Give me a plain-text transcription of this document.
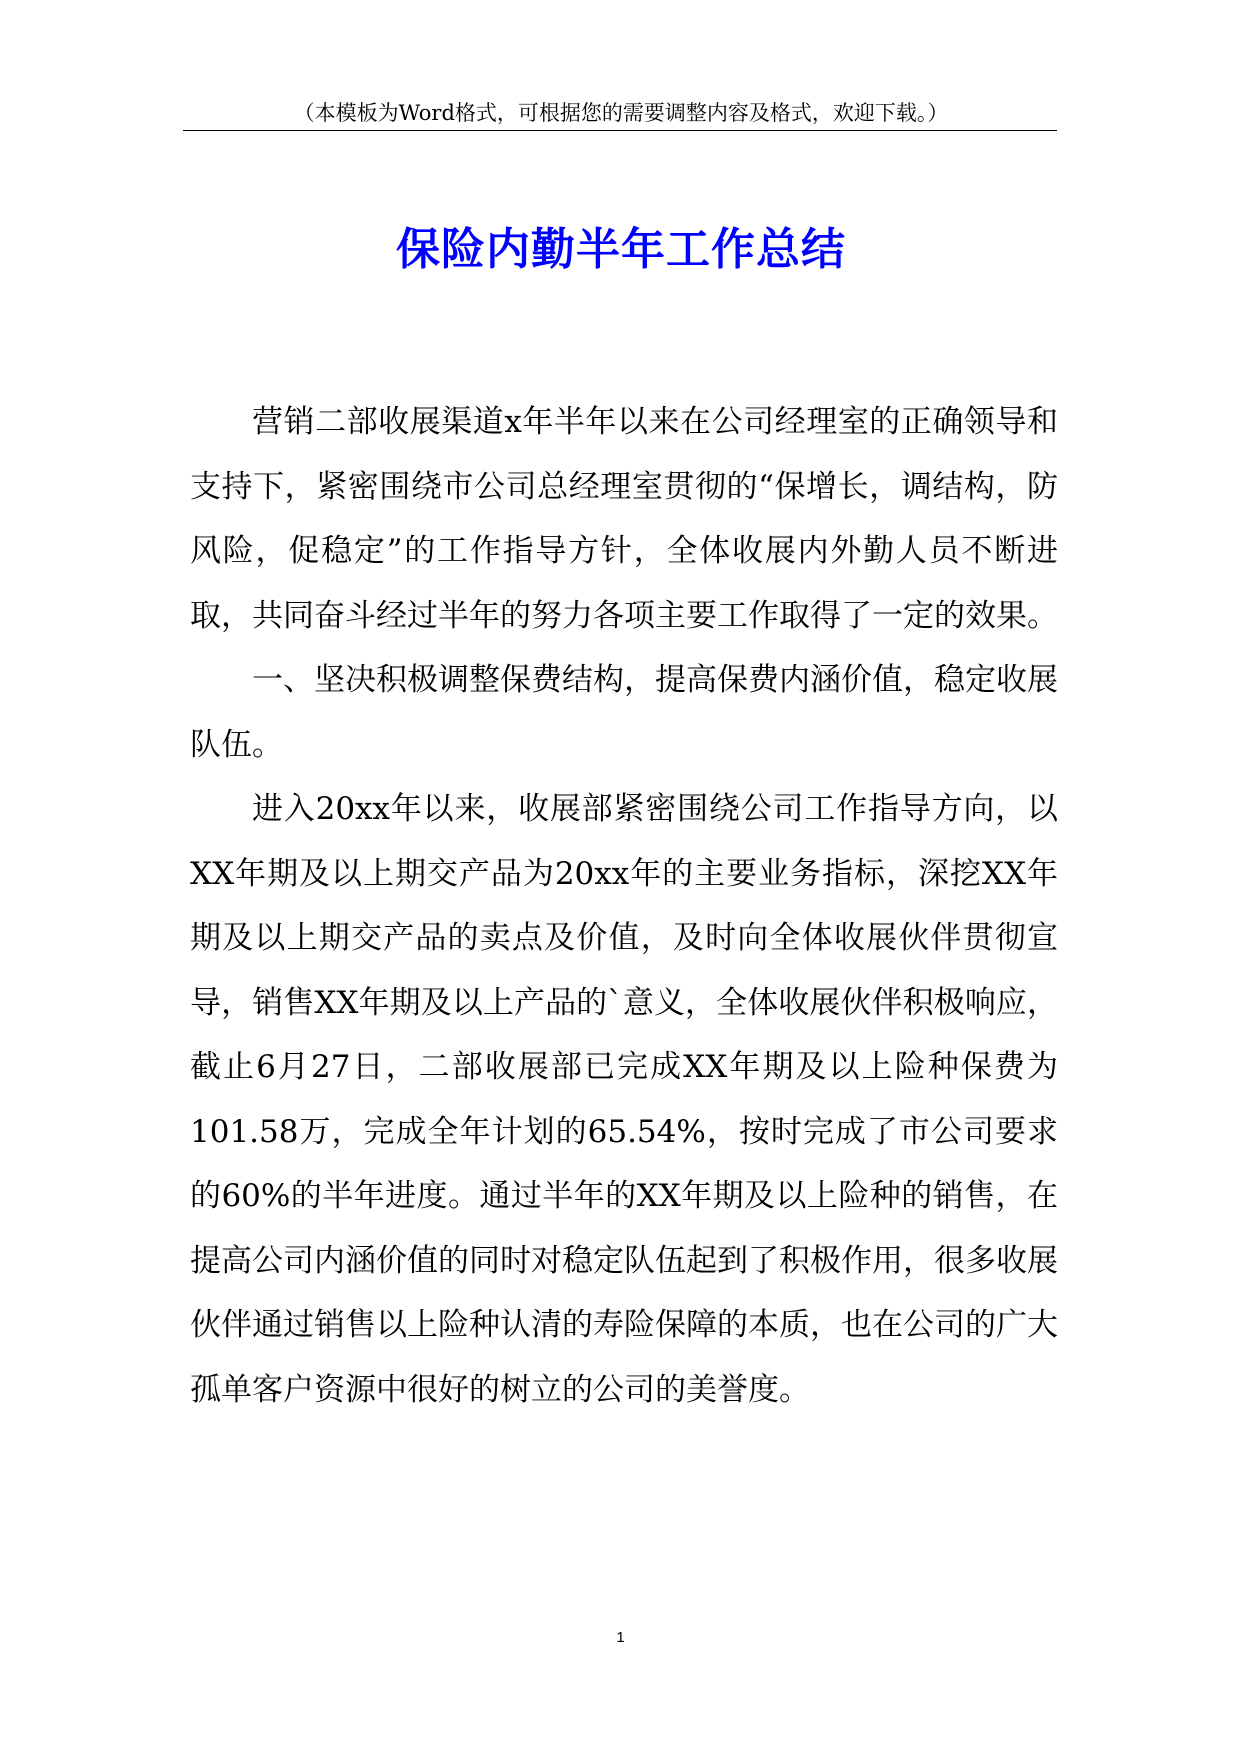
（本模板为Word格式，可根据您的需要调整内容及格式，欢迎下载。）
保险内勤半年工作总结

营销二部收展渠道x年半年以来在公司经理室的正确领导和支持下，紧密围绕市公司总经理室贯彻的“保增长，调结构，防风险，促稳定”的工作指导方针，全体收展内外勤人员不断进取，共同奋斗经过半年的努力各项主要工作取得了一定的效果。

一、坚决积极调整保费结构，提高保费内涵价值，稳定收展队伍。

进入20xx年以来，收展部紧密围绕公司工作指导方向，以XX年期及以上期交产品为20xx年的主要业务指标，深挖XX年期及以上期交产品的卖点及价值，及时向全体收展伙伴贯彻宣导，销售XX年期及以上产品的`意义，全体收展伙伴积极响应，截止6月27日，二部收展部已完成XX年期及以上险种保费为101.58万，完成全年计划的65.54%，按时完成了市公司要求的60%的半年进度。通过半年的XX年期及以上险种的销售，在提高公司内涵价值的同时对稳定队伍起到了积极作用，很多收展伙伴通过销售以上险种认清的寿险保障的本质，也在公司的广大孤单客户资源中很好的树立的公司的美誉度。

1
